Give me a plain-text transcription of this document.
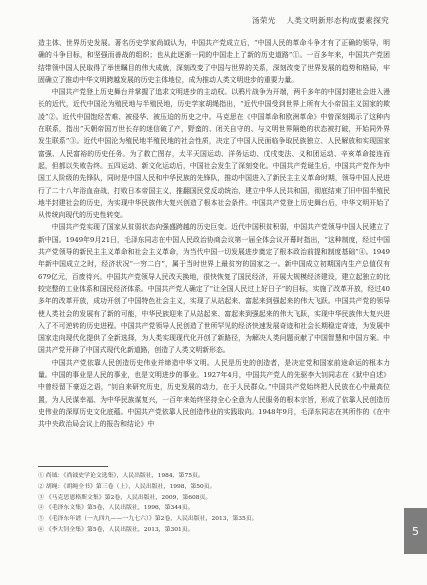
汤荣光 人类文明新形态构成要素探究

造主体、世界历史发展。著名历史学家尚钺认为，中国共产党成立后，“中国人民的革命斗争才有了正确的领导，明确的斗争目标，和坚强而善战的组织；也从此逐渐一同的中国走上了新的历史道路”①。一百多年来，中国共产党团结带领中国人民取得了举世瞩目的伟大成就，深刻改变了中国与世界的关系，深刻改变了世界发展的趋势和格局，牢固确立了推动中华文明跨越发展的历史主体地位，成为推动人类文明进步的重要力量。

中国共产党登上历史舞台并掌握了追求文明进步的主动权。以鸦片战争为开端，两千多年的中国封建社会进入漫长的近代，近代中国沦为殖民地与半殖民地，历史学家胡绳指出，“近代中国受到世界上所有大小帝国主义国家的欺凌”②。近代中国饱经苦难、被侵华、被压迫的历史之中。马克思在《中国革命和欧洲革命》中曾深刻揭示了这种内在联系，指出“天朝帝国万世长存的迷信破了产，野蛮的、闭关自守的、与文明世界隔绝的状态被打破，开始同外界发生联系”③。近代中国沦为殖民地半殖民地的社会性质，决定了中国人民面临争取民族独立、人民解放和实现国家富强、人民富裕的历史任务。为了救亡图存，太平天国运动、洋务运动、戊戌变法、义和团运动、辛亥革命接连而起，但都以失败告终。五四运动、新文化运动后，中国社会发生了深刻变化。中国共产党诞生后，中国共产党作为中国工人阶级的先锋队，同时是中国人民和中华民族的先锋队，推动中国进入了新民主主义革命时期，领导中国人民进行了二十八年浴血奋战，打败日本帝国主义，推翻国民党反动统治，建立中华人民共和国，彻底结束了旧中国半殖民地半封建社会的历史，为实现中华民族伟大复兴创造了根本社会条件。中国共产党登上历史舞台后，中华文明开始了从传统向现代的历史性转变。

中国共产党实现了国家从贫弱状态向强盛跨越的历史巨变。近代中国积贫积弱，中国共产党领导中国人民建立了新中国。1949年9月21日，毛泽东同志在中国人民政治协商会议第一届全体会议开幕时指出，“这种制度，经过中国共产党领导的新民主主义革命和社会主义革命，为当代中国一切发展进步奠定了根本政治前提和制度基础”④。1949年新中国成立之时，经济状况“一穷二白”，属于当时世界上最贫穷的国家之一。新中国成立初期国内生产总值仅有679亿元，百废待兴。中国共产党领导人民改天换地，很快恢复了国民经济，开展大规模经济建设，建立起独立的比较完整的工业体系和国民经济体系。中国共产党人确定了“让全国人民过上好日子”的目标，实施了改革开放，经过40多年的改革开放，成功开创了中国特色社会主义，实现了从站起来、富起来到强起来的伟大飞跃。中国共产党的领导使人类社会的发展有了新的可能，中华民族迎来了从站起来、富起来到强起来的伟大飞跃，实现中华民族伟大复兴进入了不可逆转的历史进程。中国共产党领导人民创造了世所罕见的经济快速发展奇迹和社会长期稳定奇迹，为发展中国家走向现代化提供了全新选择，为人类实现现代化开创了新路径，为解决人类问题贡献了中国智慧和中国方案。中国共产党开辟了中国式现代化新道路，创造了人类文明新形态。

中国共产党依靠人民创造历史伟业并缔造中华文明。人民是历史的创造者，是决定党和国家前途命运的根本力量。中国的事业是人民的事业，也是文明进步的事业。1927年4月，中国共产党人的先驱李大钊同志在《狱中自述》中曾经留下豪迈之语，“钊自来研究历史，历史发展的动力，在于人民群众。”中国共产党始终把人民放在心中最高位置，为人民谋幸福、为中华民族谋复兴，一百年来始终坚持全心全意为人民服务的根本宗旨，形成了依靠人民创造历史伟业的深厚历史文化底蕴。中国共产党依靠人民创造伟业的实践取向。1948年9月，毛泽东同志在其所作的《在中共中央政治局会议上的报告和结论》中

① 尚钺：《尚钺史学论文选集》，人民出版社，1984，第75页。
② 胡绳：《胡绳全书》第三卷（上），人民出版社，1998，第50页。
③ 《马克思恩格斯文集》第2卷，人民出版社，2009，第608页。
④ 《毛泽东文集》第5卷，人民出版社，1996，第344页。
⑤ 《毛泽东年谱（一九四九——一九七六）》第2卷，人民出版社，2013，第35页。
⑥ 《李大钊全集》第5卷，人民出版社，2013，第301页。	5
